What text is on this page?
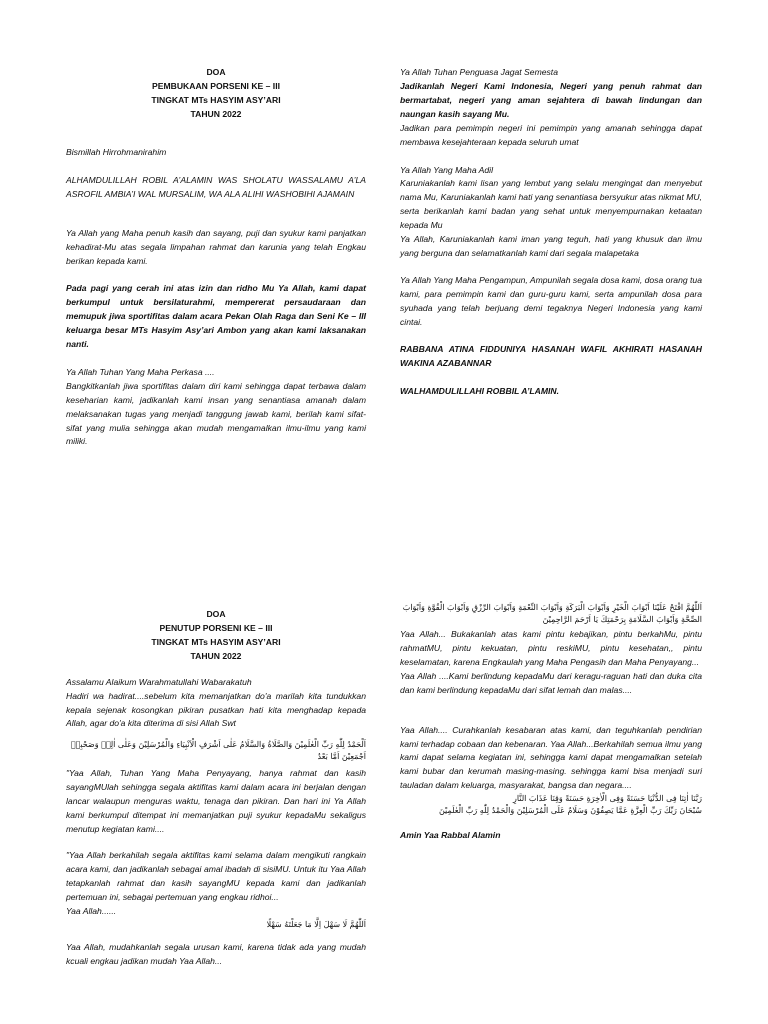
DOA

PEMBUKAAN PORSENI KE – III

TINGKAT MTs HASYIM ASY’ARI

TAHUN 2022

Bismillah Hirrohmanirahim

ALHAMDULILLAH ROBIL A’ALAMIN WAS SHOLATU WASSALAMU A’LA ASROFIL AMBIA’I WAL MURSALIM, WA ALA ALIHI WASHOBIHI AJAMAIN

Ya Allah yang Maha penuh kasih dan sayang, puji dan syukur kami panjatkan kehadirat-Mu atas segala limpahan rahmat dan karunia yang telah Engkau berikan kepada kami.

Pada pagi yang cerah ini atas izin dan ridho Mu Ya Allah, kami dapat berkumpul untuk bersilaturahmi, mempererat persaudaraan dan memupuk jiwa sportifitas dalam acara Pekan Olah Raga dan Seni Ke – III keluarga besar MTs Hasyim Asy’ari Ambon yang akan kami laksanakan nanti.

Ya Allah Tuhan Yang Maha Perkasa ....

Bangkitkanlah jiwa sportifitas dalam diri kami sehingga dapat terbawa dalam keseharian kami, jadikanlah kami insan yang senantiasa amanah dalam melaksanakan tugas yang menjadi tanggung jawab kami, berilah kami sifat-sifat yang mulia sehingga akan mudah mengamalkan ilmu-ilmu yang kami miliki.

Ya Allah Tuhan Penguasa Jagat Semesta

Jadikanlah Negeri Kami Indonesia, Negeri yang penuh rahmat dan bermartabat, negeri yang aman sejahtera di bawah lindungan dan naungan kasih sayang Mu.

Jadikan para pemimpin negeri ini pemimpin yang amanah sehingga dapat membawa kesejahteraan kepada seluruh umat

Ya Allah Yang Maha Adil

Karuniakanlah kami lisan yang lembut yang selalu mengingat dan menyebut nama Mu, Karuniakanlah kami hati yang senantiasa bersyukur atas nikmat MU, serta berikanlah kami badan yang sehat untuk menyempurnakan ketaatan kepada Mu

Ya Allah, Karuniakanlah kami iman yang teguh, hati yang khusuk dan ilmu yang berguna dan selamatkanlah kami dari segala malapetaka

Ya Allah Yang Maha Pengampun, Ampunilah segala dosa kami, dosa orang tua kami, para pemimpin kami dan guru-guru kami, serta ampunilah dosa para syuhada yang telah berjuang demi tegaknya Negeri Indonesia yang kami cintai.

RABBANA ATINA FIDDUNIYA HASANAH WAFIL AKHIRATI HASANAH WAKINA AZABANNAR

WALHAMDULILLAHI ROBBIL A’LAMIN.

DOA

PENUTUP PORSENI KE – III

TINGKAT MTs HASYIM ASY’ARI

TAHUN 2022

Assalamu Alaikum Warahmatullahi Wabarakatuh

Hadiri wa hadirat....sebelum kita memanjatkan do'a marilah kita tundukkan kepala sejenak kosongkan pikiran pusatkan hati kita menghadap kepada Allah, agar do'a kita diterima di sisi Allah Swt

اَلْحَمْدُ لِلّٰهِ رَبِّ الْعٰلَمِيْنَ وَالصَّلَاةُ وَالسَّلَامُ عَلٰى اَشْرَفِ الْاَنْبِيَاءِ وَالْمُرْسَلِيْنَ وَعَلٰى اٰلِهٖ وَصَحْبِهٖ اَجْمَعِيْنَ اَمَّا بَعْدُ

"Yaa Allah, Tuhan Yang Maha Penyayang, hanya rahmat dan kasih sayangMUlah sehingga segala aktifitas kami dalam acara ini berjalan dengan lancar walaupun menguras waktu, tenaga dan pikiran. Dan hari ini Ya Allah kami berkumpul ditempat ini memanjatkan puji syukur kepadaMu sekaligus menutup kegiatan kami....

"Yaa Allah berkahilah segala aktifitas kami selama dalam mengikuti rangkain acara kami, dan jadikanlah sebagai amal ibadah di sisiMU. Untuk itu Yaa Allah tetapkanlah rahmat dan kasih sayangMU kepada kami dan jadikanlah pertemuan ini, sebagai pertemuan yang engkau ridhoi...

Yaa Allah......

اَللّٰهُمَّ لَا سَهْلَ اِلَّا مَا جَعَلْتَهُ سَهْلًا

Yaa Allah, mudahkanlah segala urusan kami, karena tidak ada yang mudah kcuali engkau jadikan mudah Yaa Allah...

اَللّٰهُمَّ افْتَحْ عَلَيْنَا اَبْوَابَ الْخَيْرِ وَاَبْوَابَ الْبَرَكَةِ وَاَبْوَابَ النِّعْمَةِ وَاَبْوَابَ الرِّزْقِ وَاَبْوَابَ الْقُوَّةِ وَاَبْوَابَ الصِّحَّةِ وَاَبْوَابَ السَّلَامَةِ بِرَحْمَتِكَ يَا اَرْحَمَ الرَّاحِمِيْنَ

Yaa Allah... Bukakanlah atas kami pintu kebajikan, pintu berkahMu, pintu rahmatMU, pintu kekuatan, pintu reskiMU, pintu kesehatan,, pintu keselamatan, karena Engkaulah yang Maha Pengasih dan Maha Penyayang...

Yaa Allah ....Kami berlindung kepadaMu dari keragu-raguan hati dan duka cita dan kami berlindung kepadaMu dari sifat lemah dan malas....

Yaa Allah.... Curahkanlah kesabaran atas kami, dan teguhkanlah pendirian kami terhadap cobaan dan kebenaran. Yaa Allah...Berkahilah semua ilmu yang kami dapat selama kegiatan ini, sehingga kami dapat mengamalkan setelah kami bubar dan kerumah masing-masing. sehingga kami bisa menjadi suri tauladan dalam keluarga, masyarakat, bangsa dan negara....

رَبَّنَا اٰتِنَا فِى الدُّنْيَا حَسَنَةً وَفِى الْاٰخِرَةِ حَسَنَةً وَقِنَا عَذَابَ النَّارِ

سُبْحَانَ رَبِّكَ رَبِّ الْعِزَّةِ عَمَّا يَصِفُوْنَ وَسَلَامٌ عَلَى الْمُرْسَلِيْنَ وَالْحَمْدُ لِلّٰهِ رَبِّ الْعٰلَمِيْنَ

Amin Yaa Rabbal Alamin
